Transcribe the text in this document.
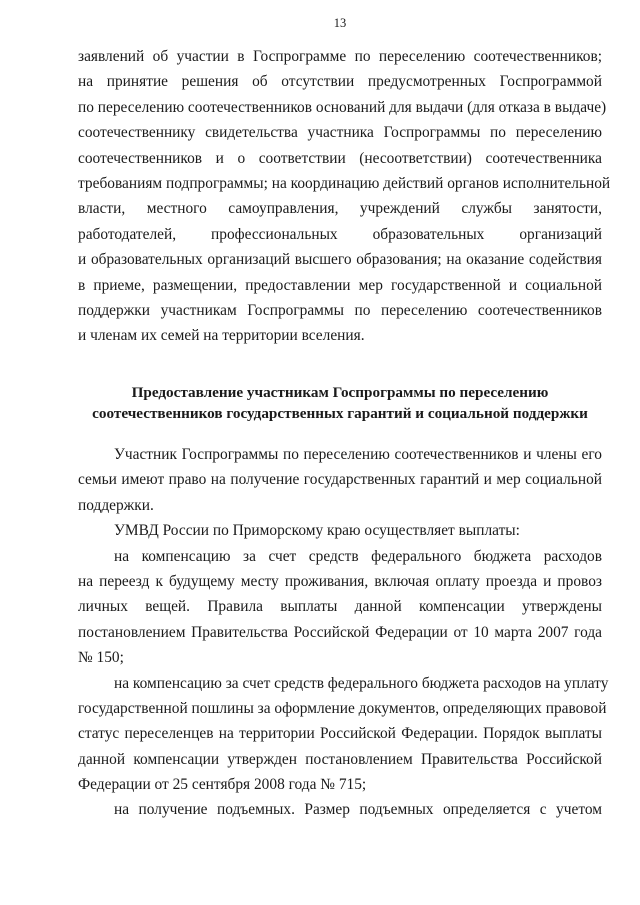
13
заявлений об участии в Госпрограмме по переселению соотечественников;
на принятие решения об отсутствии предусмотренных Госпрограммой
по переселению соотечественников оснований для выдачи (для отказа в выдаче)
соотечественнику свидетельства участника Госпрограммы по переселению
соотечественников и о соответствии (несоответствии) соотечественника
требованиям подпрограммы; на координацию действий органов исполнительной
власти, местного самоуправления, учреждений службы занятости,
работодателей, профессиональных образовательных организаций
и образовательных организаций высшего образования; на оказание содействия
в приеме, размещении, предоставлении мер государственной и социальной
поддержки участникам Госпрограммы по переселению соотечественников
и членам их семей на территории вселения.
Предоставление участникам Госпрограммы по переселению
соотечественников государственных гарантий и социальной поддержки
Участник Госпрограммы по переселению соотечественников и члены его
семьи имеют право на получение государственных гарантий и мер социальной
поддержки.
УМВД России по Приморскому краю осуществляет выплаты:
на компенсацию за счет средств федерального бюджета расходов
на переезд к будущему месту проживания, включая оплату проезда и провоз
личных вещей. Правила выплаты данной компенсации утверждены
постановлением Правительства Российской Федерации от 10 марта 2007 года
№ 150;
на компенсацию за счет средств федерального бюджета расходов на уплату
государственной пошлины за оформление документов, определяющих правовой
статус переселенцев на территории Российской Федерации. Порядок выплаты
данной компенсации утвержден постановлением Правительства Российской
Федерации от 25 сентября 2008 года № 715;
на получение подъемных. Размер подъемных определяется с учетом
